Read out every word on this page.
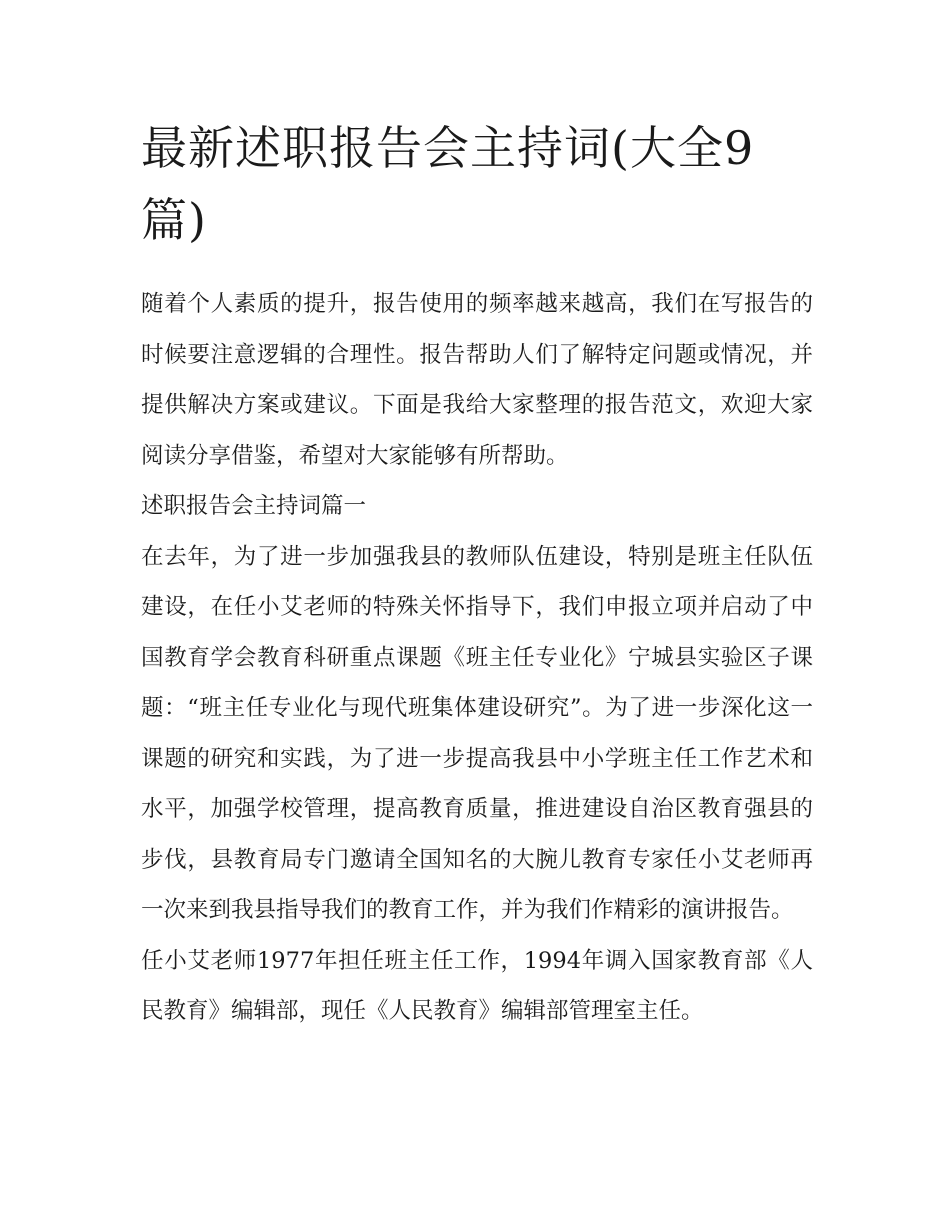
最新述职报告会主持词(大全9篇)

随着个人素质的提升，报告使用的频率越来越高，我们在写报告的时候要注意逻辑的合理性。报告帮助人们了解特定问题或情况，并提供解决方案或建议。下面是我给大家整理的报告范文，欢迎大家阅读分享借鉴，希望对大家能够有所帮助。

述职报告会主持词篇一

在去年，为了进一步加强我县的教师队伍建设，特别是班主任队伍建设，在任小艾老师的特殊关怀指导下，我们申报立项并启动了中国教育学会教育科研重点课题《班主任专业化》宁城县实验区子课题：“班主任专业化与现代班集体建设研究”。为了进一步深化这一课题的研究和实践，为了进一步提高我县中小学班主任工作艺术和水平，加强学校管理，提高教育质量，推进建设自治区教育强县的步伐，县教育局专门邀请全国知名的大腕儿教育专家任小艾老师再一次来到我县指导我们的教育工作，并为我们作精彩的演讲报告。

任小艾老师1977年担任班主任工作，1994年调入国家教育部《人民教育》编辑部，现任《人民教育》编辑部管理室主任。
